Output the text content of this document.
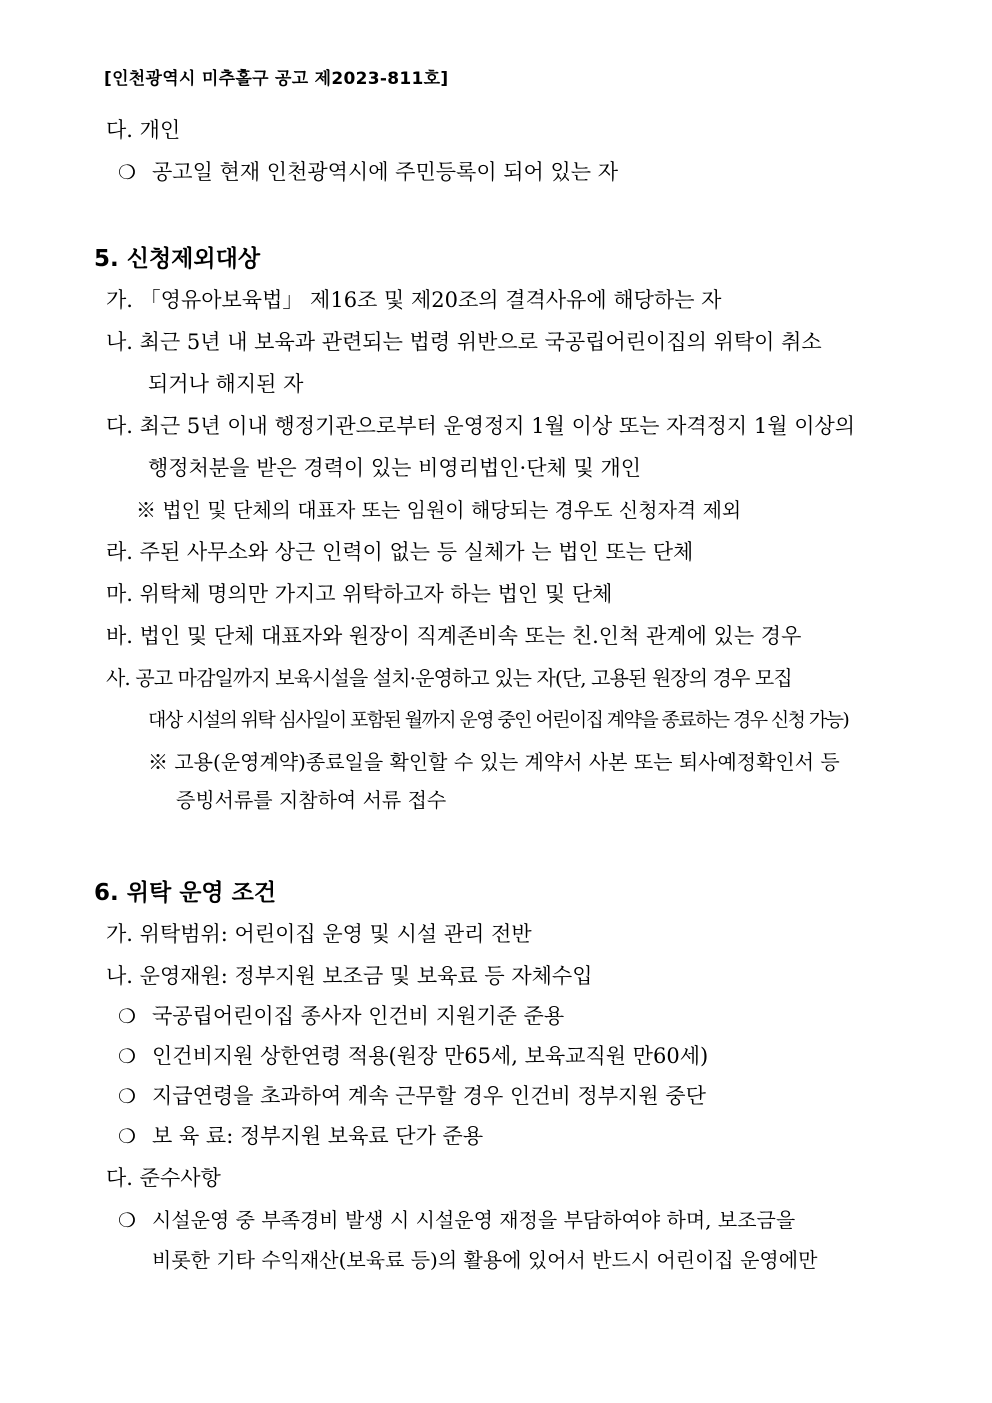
[인천광역시 미추홀구 공고 제2023-811호]
다. 개인
❍ 공고일 현재 인천광역시에 주민등록이 되어 있는 자
5. 신청제외대상
가. 「영유아보육법」 제16조 및 제20조의 결격사유에 해당하는 자
나. 최근 5년 내 보육과 관련되는 법령 위반으로 국공립어린이집의 위탁이 취소
되거나 해지된 자
다. 최근 5년 이내 행정기관으로부터 운영정지 1월 이상 또는 자격정지 1월 이상의
행정처분을 받은 경력이 있는 비영리법인·단체 및 개인
※ 법인 및 단체의 대표자 또는 임원이 해당되는 경우도 신청자격 제외
라. 주된 사무소와 상근 인력이 없는 등 실체가 는 법인 또는 단체
마. 위탁체 명의만 가지고 위탁하고자 하는 법인 및 단체
바. 법인 및 단체 대표자와 원장이 직계존비속 또는 친.인척 관계에 있는 경우
사. 공고 마감일까지 보육시설을 설치·운영하고 있는 자(단, 고용된 원장의 경우 모집
대상 시설의 위탁 심사일이 포함된 월까지 운영 중인 어린이집 계약을 종료하는 경우 신청 가능)
※ 고용(운영계약)종료일을 확인할 수 있는 계약서 사본 또는 퇴사예정확인서 등
증빙서류를 지참하여 서류 접수
6. 위탁 운영 조건
가. 위탁범위: 어린이집 운영 및 시설 관리 전반
나. 운영재원: 정부지원 보조금 및 보육료 등 자체수입
❍ 국공립어린이집 종사자 인건비 지원기준 준용
❍ 인건비지원 상한연령 적용(원장 만65세, 보육교직원 만60세)
❍ 지급연령을 초과하여 계속 근무할 경우 인건비 정부지원 중단
❍ 보 육 료: 정부지원 보육료 단가 준용
다. 준수사항
❍ 시설운영 중 부족경비 발생 시 시설운영 재정을 부담하여야 하며, 보조금을
비롯한 기타 수익재산(보육료 등)의 활용에 있어서 반드시 어린이집 운영에만
